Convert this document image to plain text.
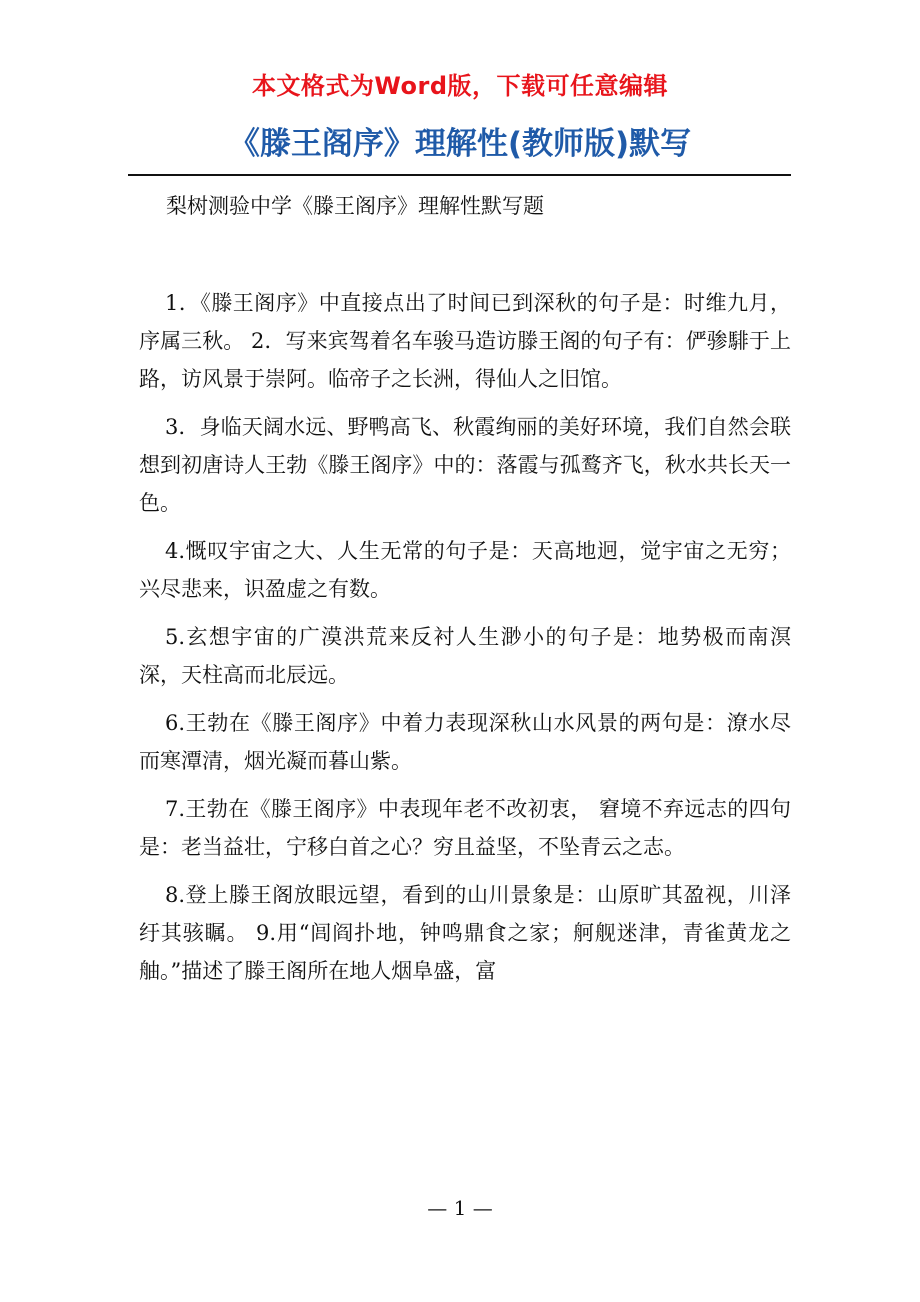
本文格式为Word版，下载可任意编辑
《滕王阁序》理解性(教师版)默写
梨树测验中学《滕王阁序》理解性默写题

1．《滕王阁序》中直接点出了时间已到深秋的句子是：时维九月，序属三秋。 2．写来宾驾着名车骏马造访滕王阁的句子有：俨骖騑于上路，访风景于崇阿。临帝子之长洲，得仙人之旧馆。

3．身临天阔水远、野鸭高飞、秋霞绚丽的美好环境，我们自然会联想到初唐诗人王勃《滕王阁序》中的：落霞与孤鹜齐飞，秋水共长天一色。

4.慨叹宇宙之大、人生无常的句子是：天高地迥，觉宇宙之无穷；兴尽悲来，识盈虚之有数。

5.玄想宇宙的广漠洪荒来反衬人生渺小的句子是：地势极而南溟深，天柱高而北辰远。

6.王勃在《滕王阁序》中着力表现深秋山水风景的两句是：潦水尽而寒潭清，烟光凝而暮山紫。

7.王勃在《滕王阁序》中表现年老不改初衷， 窘境不弃远志的四句是：老当益壮，宁移白首之心？穷且益坚，不坠青云之志。

8.登上滕王阁放眼远望，看到的山川景象是：山原旷其盈视，川泽纡其骇瞩。 9.用“闾阎扑地，钟鸣鼎食之家；舸舰迷津，青雀黄龙之舳。”描述了滕王阁所在地人烟阜盛，富

— 1 —
